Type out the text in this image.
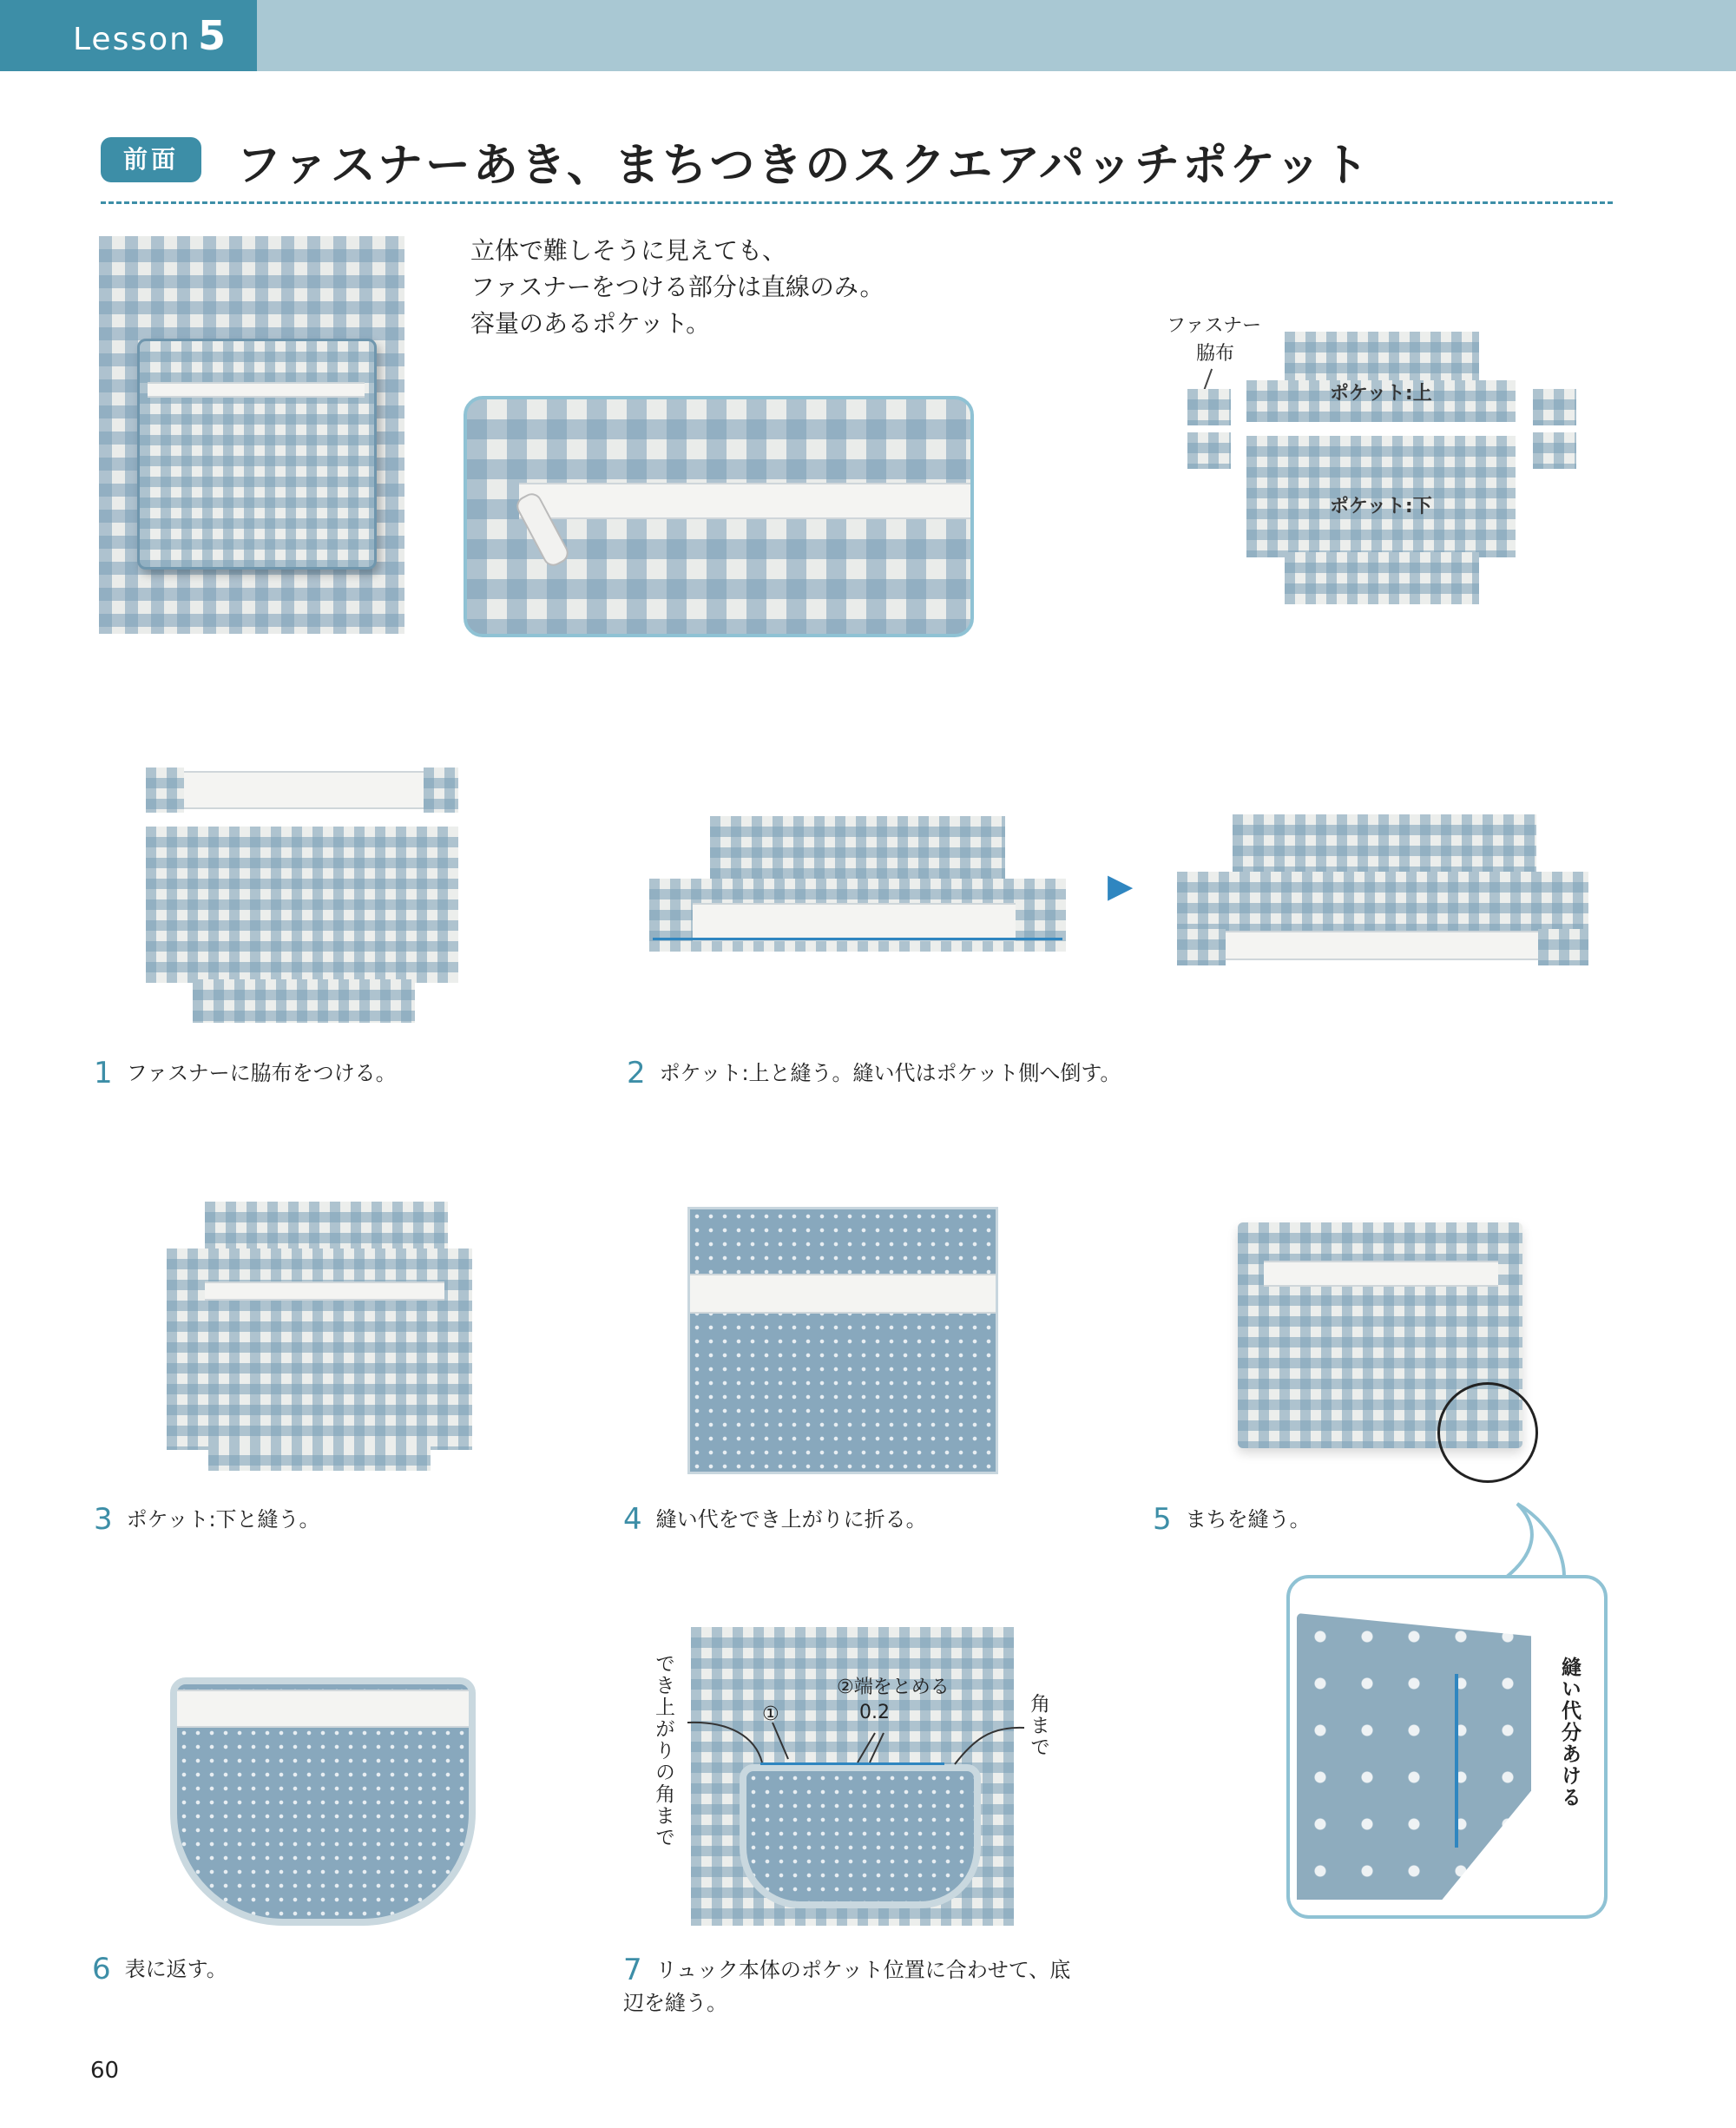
Lesson 5
前面	ファスナーあき、まちつきのスクエアパッチポケット
立体で難しそうに見えても、
ファスナーをつける部分は直線のみ。
容量のあるポケット。	ファスナー
脇布
ポケット:上
ポケット:下
▶
1 ファスナーに脇布をつける。	2 ポケット:上と縫う。縫い代はポケット側へ倒す。
3 ポケット:下と縫う。	4 縫い代をでき上がりに折る。	5 まちを縫う。
縫い代分あける
でき上がりの角まで	①
②端をとめる
0.2	角まで
6 表に返す。	7 リュック本体のポケット位置に合わせて、底
辺を縫う。
60
